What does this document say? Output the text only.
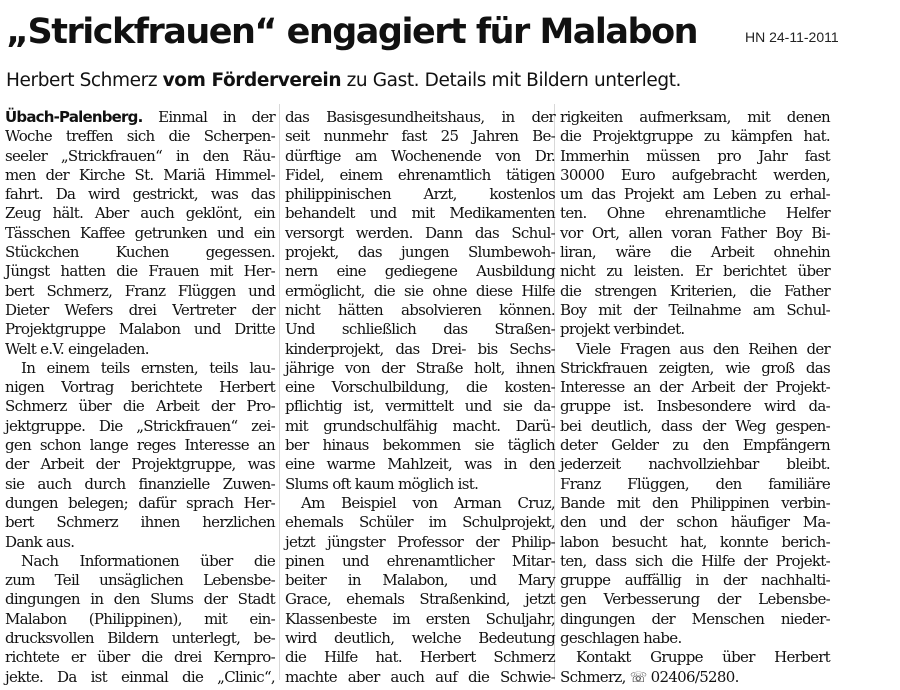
„Strickfrauen“ engagiert für Malabon	HN 24-11-2011
Herbert Schmerz vom Förderverein zu Gast. Details mit Bildern unterlegt.
Übach-Palenberg. Einmal in der
Woche treffen sich die Scherpen-
seeler „Strickfrauen“ in den Räu-
men der Kirche St. Mariä Himmel-
fahrt. Da wird gestrickt, was das
Zeug hält. Aber auch geklönt, ein
Tässchen Kaffee getrunken und ein
Stückchen Kuchen gegessen.
Jüngst hatten die Frauen mit Her-
bert Schmerz, Franz Flüggen und
Dieter Wefers drei Vertreter der
Projektgruppe Malabon und Dritte
Welt e.V. eingeladen.
In einem teils ernsten, teils lau-
nigen Vortrag berichtete Herbert
Schmerz über die Arbeit der Pro-
jektgruppe. Die „Strickfrauen“ zei-
gen schon lange reges Interesse an
der Arbeit der Projektgruppe, was
sie auch durch finanzielle Zuwen-
dungen belegen; dafür sprach Her-
bert Schmerz ihnen herzlichen
Dank aus.
Nach Informationen über die
zum Teil unsäglichen Lebensbe-
dingungen in den Slums der Stadt
Malabon (Philippinen), mit ein-
drucksvollen Bildern unterlegt, be-
richtete er über die drei Kernpro-
jekte. Da ist einmal die „Clinic“,
das Basisgesundheitshaus, in der
seit nunmehr fast 25 Jahren Be-
dürftige am Wochenende von Dr.
Fidel, einem ehrenamtlich tätigen
philippinischen Arzt, kostenlos
behandelt und mit Medikamenten
versorgt werden. Dann das Schul-
projekt, das jungen Slumbewoh-
nern eine gediegene Ausbildung
ermöglicht, die sie ohne diese Hilfe
nicht hätten absolvieren können.
Und schließlich das Straßen-
kinderprojekt, das Drei- bis Sechs-
jährige von der Straße holt, ihnen
eine Vorschulbildung, die kosten-
pflichtig ist, vermittelt und sie da-
mit grundschulfähig macht. Darü-
ber hinaus bekommen sie täglich
eine warme Mahlzeit, was in den
Slums oft kaum möglich ist.
Am Beispiel von Arman Cruz,
ehemals Schüler im Schulprojekt,
jetzt jüngster Professor der Philip-
pinen und ehrenamtlicher Mitar-
beiter in Malabon, und Mary
Grace, ehemals Straßenkind, jetzt
Klassenbeste im ersten Schuljahr,
wird deutlich, welche Bedeutung
die Hilfe hat. Herbert Schmerz
machte aber auch auf die Schwie-
rigkeiten aufmerksam, mit denen
die Projektgruppe zu kämpfen hat.
Immerhin müssen pro Jahr fast
30000 Euro aufgebracht werden,
um das Projekt am Leben zu erhal-
ten. Ohne ehrenamtliche Helfer
vor Ort, allen voran Father Boy Bi-
liran, wäre die Arbeit ohnehin
nicht zu leisten. Er berichtet über
die strengen Kriterien, die Father
Boy mit der Teilnahme am Schul-
projekt verbindet.
Viele Fragen aus den Reihen der
Strickfrauen zeigten, wie groß das
Interesse an der Arbeit der Projekt-
gruppe ist. Insbesondere wird da-
bei deutlich, dass der Weg gespen-
deter Gelder zu den Empfängern
jederzeit nachvollziehbar bleibt.
Franz Flüggen, den familiäre
Bande mit den Philippinen verbin-
den und der schon häufiger Ma-
labon besucht hat, konnte berich-
ten, dass sich die Hilfe der Projekt-
gruppe auffällig in der nachhalti-
gen Verbesserung der Lebensbe-
dingungen der Menschen nieder-
geschlagen habe.
Kontakt Gruppe über Herbert
Schmerz, ☏ 02406/5280.
